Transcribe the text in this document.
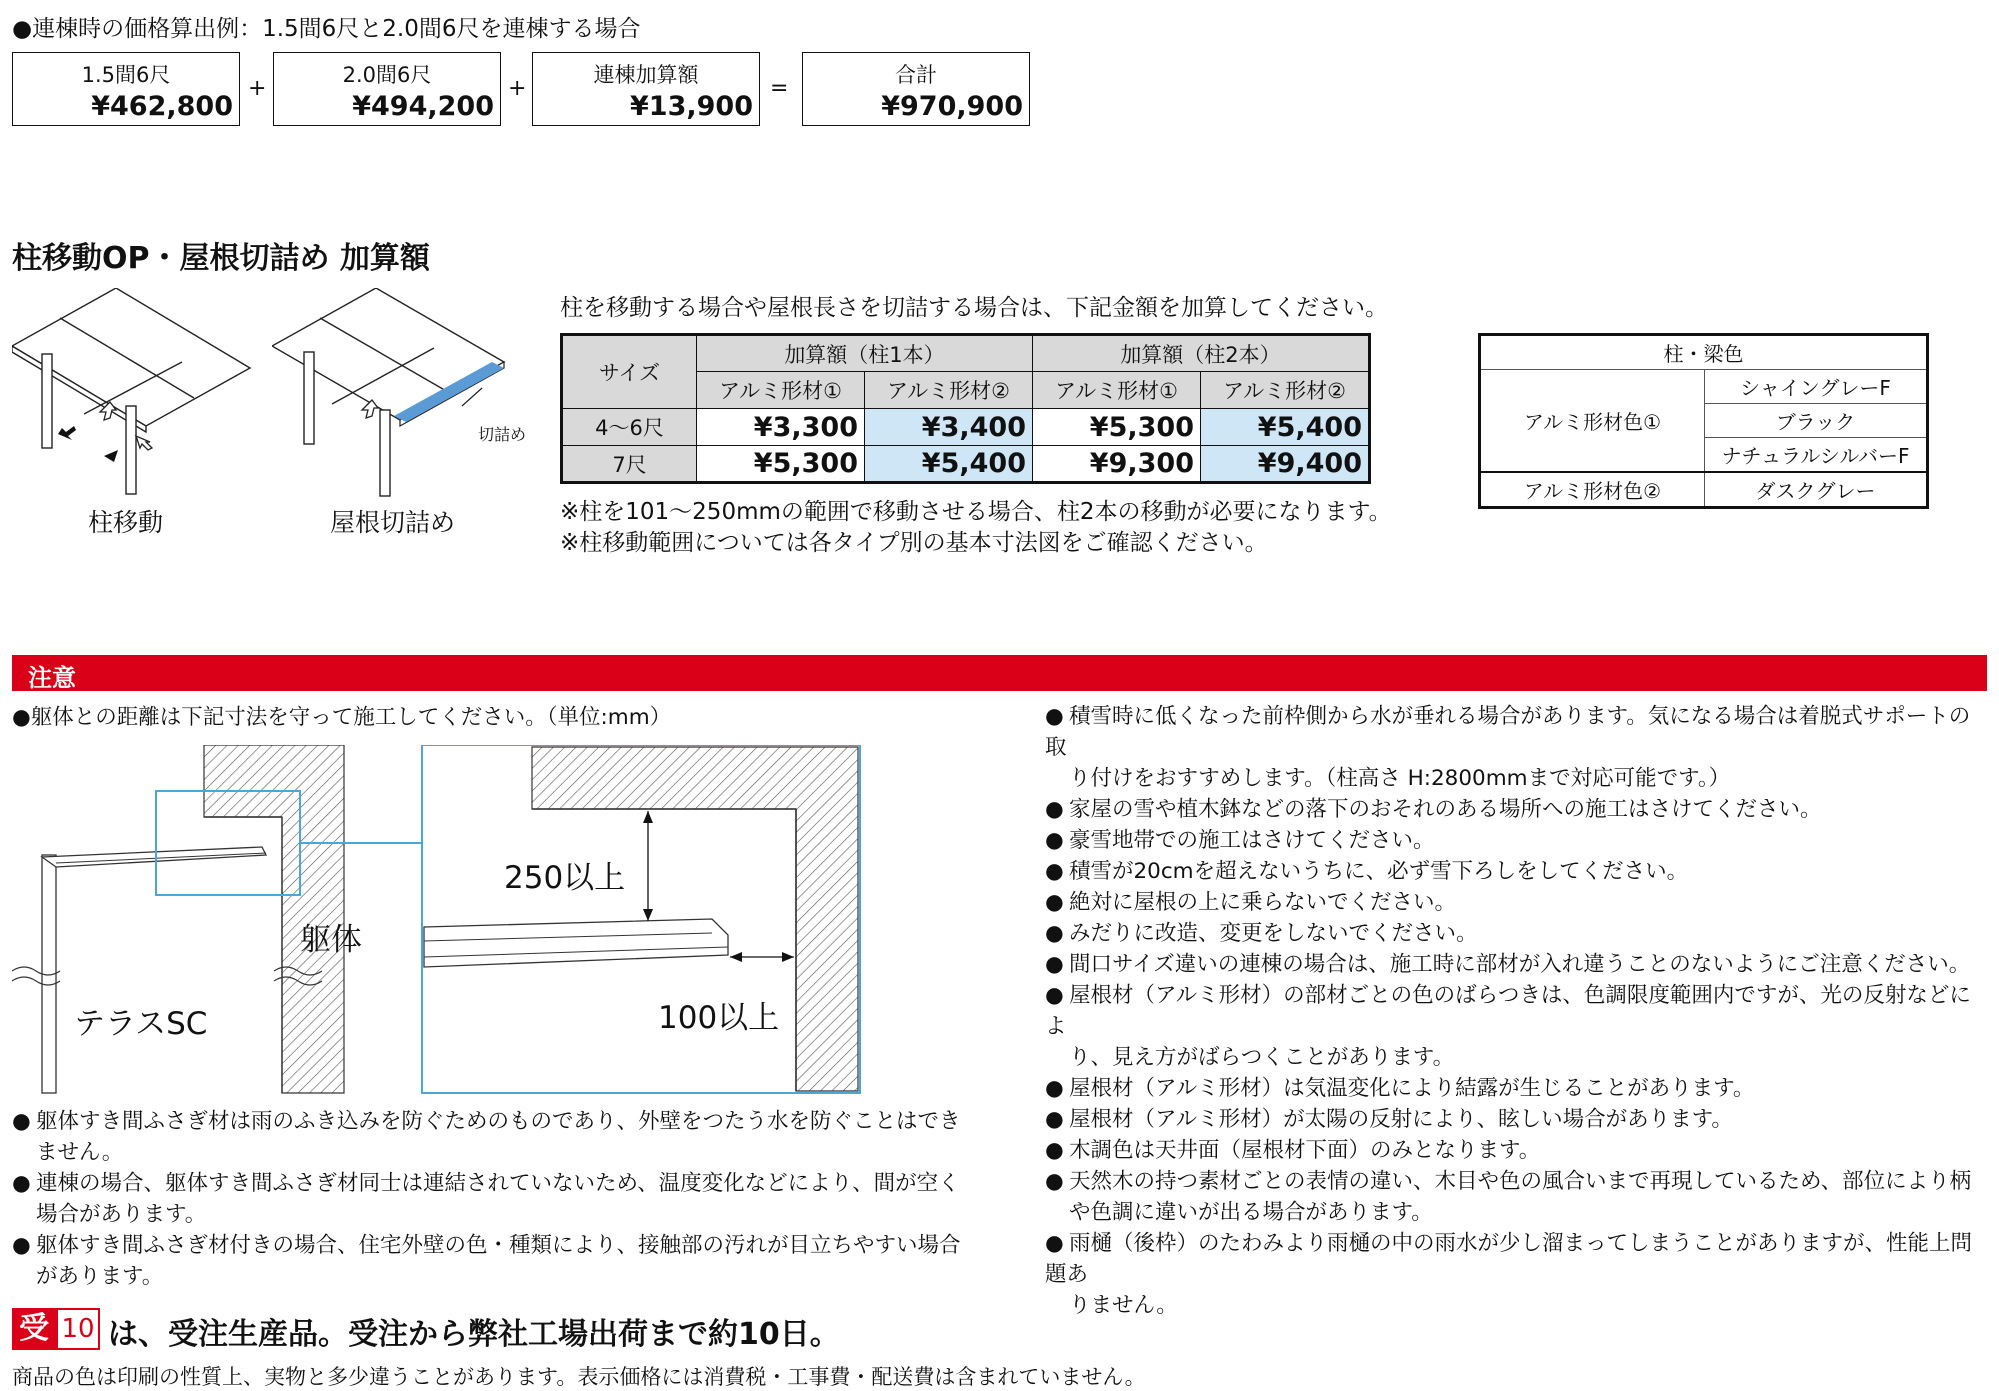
●連棟時の価格算出例：1.5間6尺と2.0間6尺を連棟する場合
1.5間6尺
¥462,800
+
2.0間6尺
¥494,200
+
連棟加算額
¥13,900
=
合計
¥970,900
柱移動OP・屋根切詰め 加算額
柱移動
切詰め
屋根切詰め
柱を移動する場合や屋根長さを切詰する場合は、下記金額を加算してください。
サイズ	加算額（柱1本）		加算額（柱2本）	
	アルミ形材①	アルミ形材②	アルミ形材①	アルミ形材②
4～6尺	¥3,300	¥3,400	¥5,300	¥5,400
7尺	¥5,300	¥5,400	¥9,300	¥9,400
※柱を101～250mmの範囲で移動させる場合、柱2本の移動が必要になります。
※柱移動範囲については各タイプ別の基本寸法図をご確認ください。
柱・梁色	
アルミ形材色①	シャイングレーF
	ブラック
	ナチュラルシルバーF
アルミ形材色②	ダスクグレー
注意
●躯体との距離は下記寸法を守って施工してください。（単位:mm）
テラスSC
躯体
250以上
100以上
● 躯体すき間ふさぎ材は雨のふき込みを防ぐためのものであり、外壁をつたう水を防ぐことはでき
ません。
● 連棟の場合、躯体すき間ふさぎ材同士は連結されていないため、温度変化などにより、間が空く
場合があります。
● 躯体すき間ふさぎ材付きの場合、住宅外壁の色・種類により、接触部の汚れが目立ちやすい場合
があります。
● 積雪時に低くなった前枠側から水が垂れる場合があります。気になる場合は着脱式サポートの取
り付けをおすすめします。（柱高さ H:2800mmまで対応可能です。）
● 家屋の雪や植木鉢などの落下のおそれのある場所への施工はさけてください。
● 豪雪地帯での施工はさけてください。
● 積雪が20cmを超えないうちに、必ず雪下ろしをしてください。
● 絶対に屋根の上に乗らないでください。
● みだりに改造、変更をしないでください。
● 間口サイズ違いの連棟の場合は、施工時に部材が入れ違うことのないようにご注意ください。
● 屋根材（アルミ形材）の部材ごとの色のばらつきは、色調限度範囲内ですが、光の反射などによ
り、見え方がばらつくことがあります。
● 屋根材（アルミ形材）は気温変化により結露が生じることがあります。
● 屋根材（アルミ形材）が太陽の反射により、眩しい場合があります。
● 木調色は天井面（屋根材下面）のみとなります。
● 天然木の持つ素材ごとの表情の違い、木目や色の風合いまで再現しているため、部位により柄
や色調に違いが出る場合があります。
● 雨樋（後枠）のたわみより雨樋の中の雨水が少し溜まってしまうことがありますが、性能上問題あ
りません。
受 10 は、受注生産品。受注から弊社工場出荷まで約10日。
商品の色は印刷の性質上、実物と多少違うことがあります。表示価格には消費税・工事費・配送費は含まれていません。
